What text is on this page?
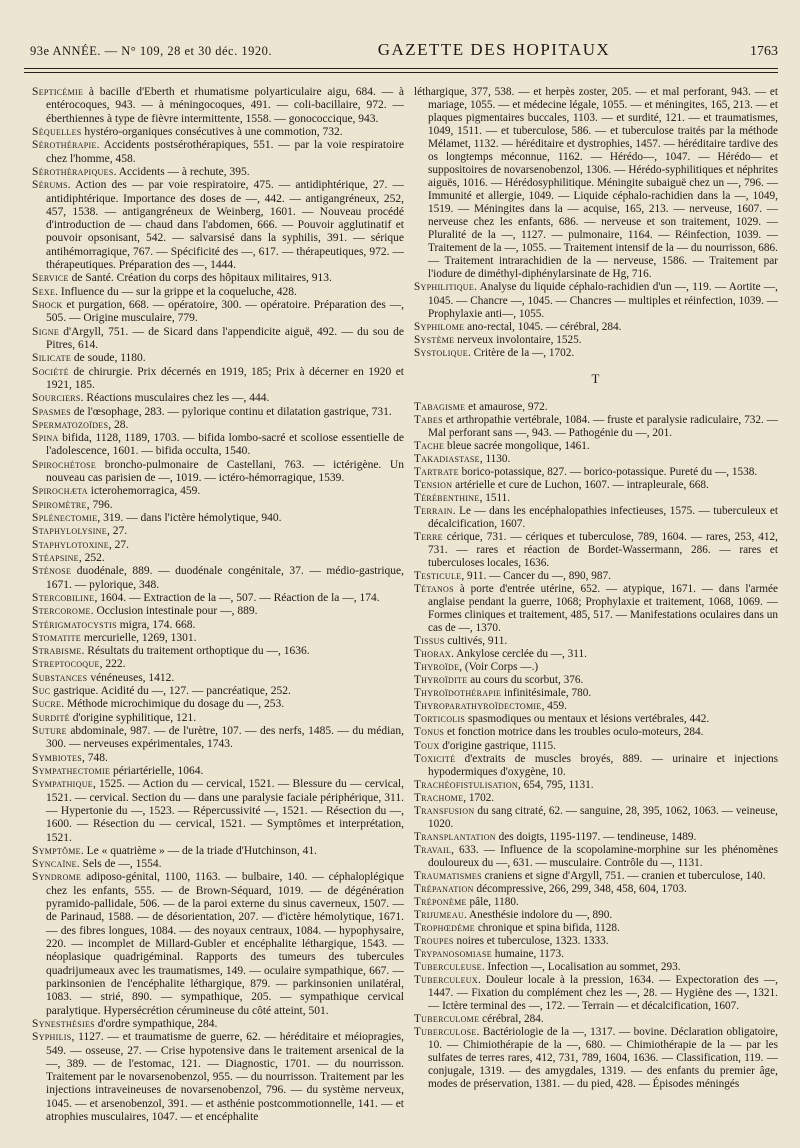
93e ANNÉE. — N° 109, 28 et 30 déc. 1920.	GAZETTE DES HOPITAUX	1763

Septicémie à bacille d'Eberth et rhumatisme polyarticulaire aigu, 684. — à entérocoques, 943. — à méningocoques, 491. — coli-bacillaire, 972. — éberthiennes à type de fièvre intermittente, 1558. — gonococcique, 943.

Séquelles hystéro-organiques consécutives à une commotion, 732.

Sérothérapie. Accidents postsérothérapiques, 551. — par la voie respiratoire chez l'homme, 458.

Sérothérapiques. Accidents — à rechute, 395.

Sérums. Action des — par voie respiratoire, 475. — antidiphtérique, 27. — antidiphtérique. Importance des doses de —, 442. — antigangréneux, 252, 457, 1538. — antigangréneux de Weinberg, 1601. — Nouveau procédé d'introduction de — chaud dans l'abdomen, 666. — Pouvoir agglutinatif et pouvoir opsonisant, 542. — salvarsisé dans la syphilis, 391. — sérique antihémorragique, 767. — Spécificité des —, 617. — thérapeutiques, 972. — thérapeutiques. Préparation des —, 1444.

Service de Santé. Création du corps des hôpitaux militaires, 913.

Sexe. Influence du — sur la grippe et la coqueluche, 428.

Shock et purgation, 668. — opératoire, 300. — opératoire. Préparation des —, 505. — Origine musculaire, 779.

Signe d'Argyll, 751. — de Sicard dans l'appendicite aiguë, 492. — du sou de Pitres, 614.

Silicate de soude, 1180.

Société de chirurgie. Prix décernés en 1919, 185; Prix à décerner en 1920 et 1921, 185.

Sourciers. Réactions musculaires chez les —, 444.

Spasmes de l'œsophage, 283. — pylorique continu et dilatation gastrique, 731.

Spermatozoïdes, 28.

Spina bifida, 1128, 1189, 1703. — bifida lombo-sacré et scoliose essentielle de l'adolescence, 1601. — bifida occulta, 1540.

Spirochétose broncho-pulmonaire de Castellani, 763. — ictérigène. Un nouveau cas parisien de —, 1019. — ictéro-hémorragique, 1539.

Spirochæta icterohemorragica, 459.

Spiromètre, 796.

Splénectomie, 319. — dans l'ictère hémolytique, 940.

Staphylolysine, 27.

Staphylotoxine, 27.

Stéapsine, 252.

Sténose duodénale, 889. — duodénale congénitale, 37. — médio-gastrique, 1671. — pylorique, 348.

Stercobiline, 1604. — Extraction de la —, 507. — Réaction de la —, 174.

Stercorome. Occlusion intestinale pour —, 889.

Stérigmatocystis migra, 174. 668.

Stomatite mercurielle, 1269, 1301.

Strabisme. Résultats du traitement orthoptique du —, 1636.

Streptocoque, 222.

Substances vénéneuses, 1412.

Suc gastrique. Acidité du —, 127. — pancréatique, 252.

Sucre. Méthode microchimique du dosage du —, 253.

Surdité d'origine syphilitique, 121.

Suture abdominale, 987. — de l'urètre, 107. — des nerfs, 1485. — du médian, 300. — nerveuses expérimentales, 1743.

Symbiotes, 748.

Sympathectomie périartérielle, 1064.

Sympathique, 1525. — Action du — cervical, 1521. — Blessure du — cervical, 1521. — cervical. Section du — dans une paralysie faciale périphérique, 311. — Hypertonie du —, 1523. — Répercussivité —, 1521. — Résection du —, 1600. — Résection du — cervical, 1521. — Symptômes et interprétation, 1521.

Symptôme. Le « quatrième » — de la triade d'Hutchinson, 41.

Syncaïne. Sels de —, 1554.

Syndrome adiposo-génital, 1100, 1163. — bulbaire, 140. — céphaloplégique chez les enfants, 555. — de Brown-Séquard, 1019. — de dégénération pyramido-pallidale, 506. — de la paroi externe du sinus caverneux, 1507. — de Parinaud, 1588. — de désorientation, 207. — d'ictère hémolytique, 1671. — des fibres longues, 1084. — des noyaux centraux, 1084. — hypophysaire, 220. — incomplet de Millard-Gubler et encéphalite léthargique, 1543. — néoplasique quadrigéminal. Rapports des tumeurs des tubercules quadrijumeaux avec les traumatismes, 149. — oculaire sympathique, 667. — parkinsonien de l'encéphalite léthargique, 879. — parkinsonien unilatéral, 1083. — strié, 890. — sympathique, 205. — sympathique cervical paralytique. Hypersécrétion cérumineuse du côté atteint, 501.

Synesthésies d'ordre sympathique, 284.

Syphilis, 1127. — et traumatisme de guerre, 62. — héréditaire et méiopragies, 549. — osseuse, 27. — Crise hypotensive dans le traitement arsenical de la —, 389. — de l'estomac, 121. — Diagnostic, 1701. — du nourrisson. Traitement par le novarsenobenzol, 955. — du nourrisson. Traitement par les injections intraveineuses de novarsenobenzol, 796. — du système nerveux, 1045. — et arsenobenzol, 391. — et asthénie postcommotionnelle, 141. — et atrophies musculaires, 1047. — et encéphalite

léthargique, 377, 538. — et herpès zoster, 205. — et mal perforant, 943. — et mariage, 1055. — et médecine légale, 1055. — et méningites, 165, 213. — et plaques pigmentaires buccales, 1103. — et surdité, 121. — et traumatismes, 1049, 1511. — et tuberculose, 586. — et tuberculose traités par la méthode Mélamet, 1132. — héréditaire et dystrophies, 1457. — héréditaire tardive des os longtemps méconnue, 1162. — Hérédo—, 1047. — Hérédo— et suppositoires de novarsenobenzol, 1306. — Hérédo-syphilitiques et néphrites aiguës, 1016. — Hérédosyphilitique. Méningite subaiguë chez un —, 796. — Immunité et allergie, 1049. — Liquide céphalo-rachidien dans la —, 1049, 1519. — Méningites dans la — acquise, 165, 213. — nerveuse, 1607. — nerveuse chez les enfants, 686. — nerveuse et son traitement, 1029. — Pluralité de la —, 1127. — pulmonaire, 1164. — Réinfection, 1039. — Traitement de la —, 1055. — Traitement intensif de la — du nourrisson, 686. — Traitement intrarachidien de la — nerveuse, 1586. — Traitement par l'iodure de diméthyl-diphénylarsinate de Hg, 716.

Syphilitique. Analyse du liquide céphalo-rachidien d'un —, 119. — Aortite —, 1045. — Chancre —, 1045. — Chancres — multiples et réinfection, 1039. — Prophylaxie anti—, 1055.

Syphilome ano-rectal, 1045. — cérébral, 284.

Système nerveux involontaire, 1525.

Systolique. Critère de la —, 1702.

T

Tabagisme et amaurose, 972.

Tabes et arthropathie vertébrale, 1084. — fruste et paralysie radiculaire, 732. — Mal perforant sans —, 943. — Pathogénie du —, 201.

Tache bleue sacrée mongolique, 1461.

Takadiastase, 1130.

Tartrate borico-potassique, 827. — borico-potassique. Pureté du —, 1538.

Tension artérielle et cure de Luchon, 1607. — intrapleurale, 668.

Térébenthine, 1511.

Terrain. Le — dans les encéphalopathies infectieuses, 1575. — tuberculeux et décalcification, 1607.

Terre cérique, 731. — cériques et tuberculose, 789, 1604. — rares, 253, 412, 731. — rares et réaction de Bordet-Wassermann, 286. — rares et tuberculoses locales, 1636.

Testicule, 911. — Cancer du —, 890, 987.

Tétanos à porte d'entrée utérine, 652. — atypique, 1671. — dans l'armée anglaise pendant la guerre, 1068; Prophylaxie et traitement, 1068, 1069. — Formes cliniques et traitement, 485, 517. — Manifestations oculaires dans un cas de —, 1370.

Tissus cultivés, 911.

Thorax. Ankylose cerclée du —, 311.

Thyroïde, (Voir Corps —.)

Thyroïdite au cours du scorbut, 376.

Thyroïdothérapie infinitésimale, 780.

Thyroparathyroïdectomie, 459.

Torticolis spasmodiques ou mentaux et lésions vertébrales, 442.

Tonus et fonction motrice dans les troubles oculo-moteurs, 284.

Toux d'origine gastrique, 1115.

Toxicité d'extraits de muscles broyés, 889. — urinaire et injections hypodermiques d'oxygène, 10.

Trachéofistulisation, 654, 795, 1131.

Trachome, 1702.

Transfusion du sang citraté, 62. — sanguine, 28, 395, 1062, 1063. — veineuse, 1020.

Transplantation des doigts, 1195-1197. — tendineuse, 1489.

Travail, 633. — Influence de la scopolamine-morphine sur les phénomènes douloureux du —, 631. — musculaire. Contrôle du —, 1131.

Traumatismes craniens et signe d'Argyll, 751. — cranien et tuberculose, 140.

Trépanation décompressive, 266, 299, 348, 458, 604, 1703.

Tréponème pâle, 1180.

Trijumeau. Anesthésie indolore du —, 890.

Trophœdème chronique et spina bifida, 1128.

Troupes noires et tuberculose, 1323. 1333.

Trypanosomiase humaine, 1173.

Tuberculeuse. Infection —, Localisation au sommet, 293.

Tuberculeux. Douleur locale à la pression, 1634. — Expectoration des —, 1447. — Fixation du complément chez les —, 28. — Hygiène des —, 1321. — Ictère terminal des —, 172. — Terrain — et décalcification, 1607.

Tuberculome cérébral, 284.

Tuberculose. Bactériologie de la —, 1317. — bovine. Déclaration obligatoire, 10. — Chimiothérapie de la —, 680. — Chimiothérapie de la — par les sulfates de terres rares, 412, 731, 789, 1604, 1636. — Classification, 119. — conjugale, 1319. — des amygdales, 1319. — des enfants du premier âge, modes de préservation, 1381. — du pied, 428. — Épisodes méningés
